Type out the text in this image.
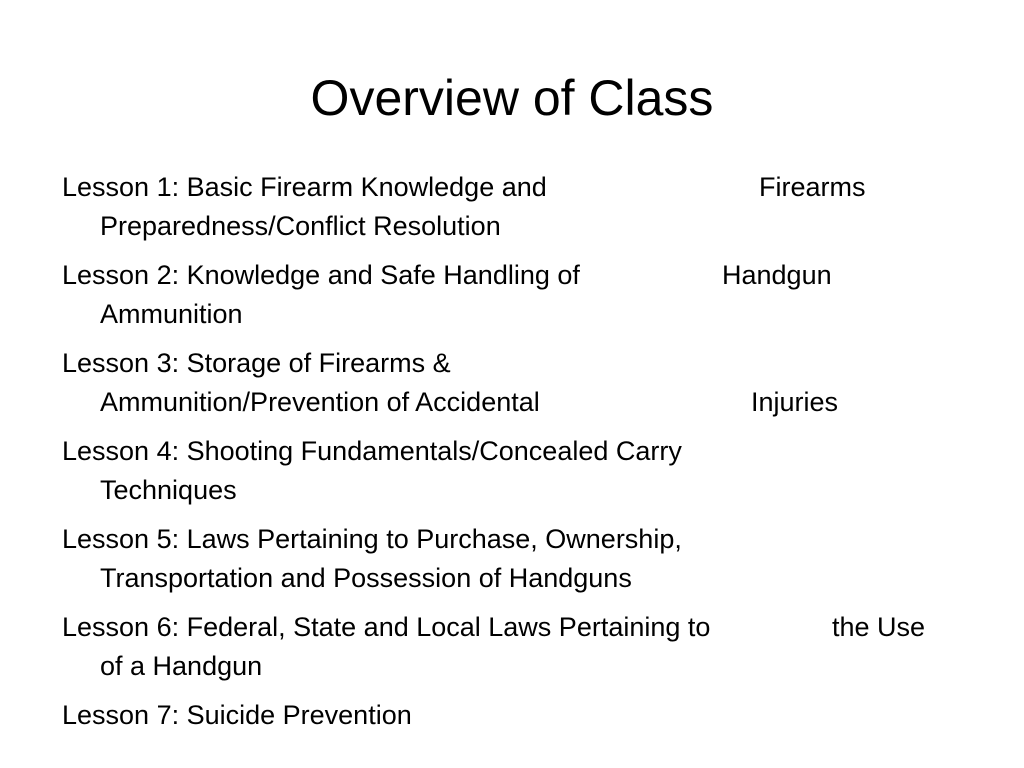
Overview of Class
Lesson 1: Basic Firearm Knowledge and	Firearms
Preparedness/Conflict Resolution
Lesson 2: Knowledge and Safe Handling of	Handgun
Ammunition
Lesson 3: Storage of Firearms &
Ammunition/Prevention of Accidental	Injuries
Lesson 4: Shooting Fundamentals/Concealed Carry
Techniques
Lesson 5: Laws Pertaining to Purchase, Ownership,
Transportation and Possession of Handguns
Lesson 6: Federal, State and Local Laws Pertaining to	the Use
of a Handgun
Lesson 7: Suicide Prevention
